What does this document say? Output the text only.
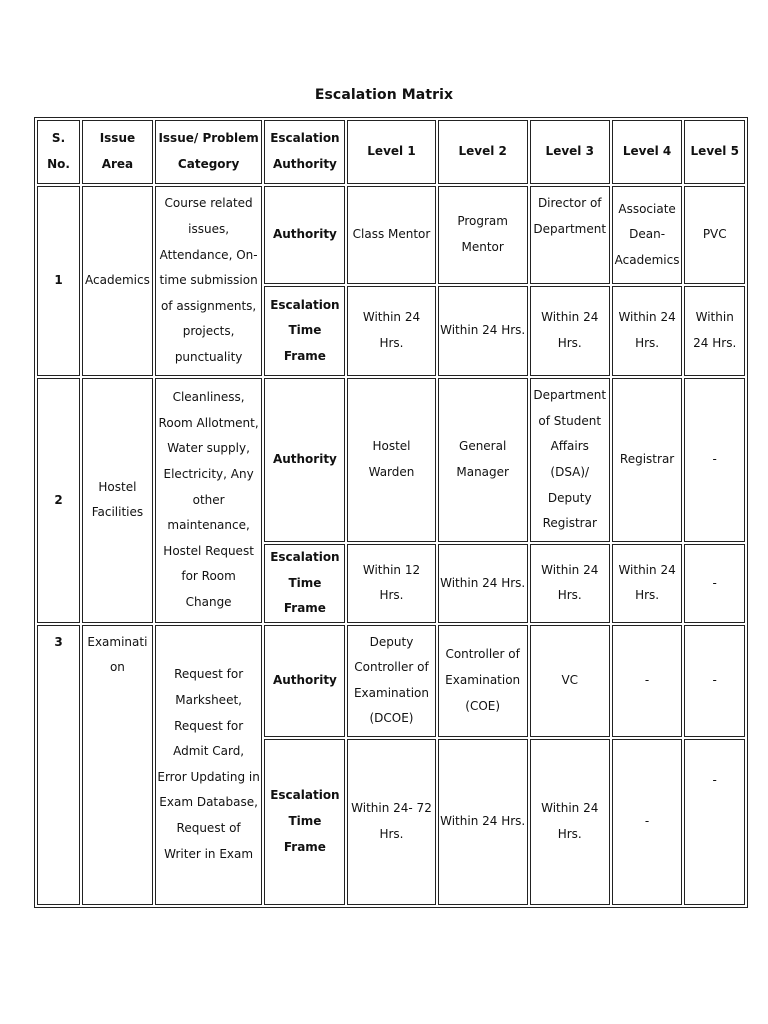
Escalation Matrix
S. No.	Issue Area	Issue/ Problem Category	Escalation Authority	Level 1	Level 2	Level 3	Level 4	Level 5
1	Academics	Course related issues, Attendance, On-time submission of assignments, projects, punctuality	Authority	Class Mentor	Program Mentor	Director of Department	Associate Dean-Academics	PVC
			Escalation Time Frame	Within 24 Hrs.	Within 24 Hrs.	Within 24 Hrs.	Within 24 Hrs.	Within 24 Hrs.
2	Hostel Facilities	Cleanliness, Room Allotment, Water supply, Electricity, Any other maintenance, Hostel Request for Room Change	Authority	Hostel Warden	General Manager	Department of Student Affairs (DSA)/ Deputy Registrar	Registrar	-
			Escalation Time Frame	Within 12 Hrs.	Within 24 Hrs.	Within 24 Hrs.	Within 24 Hrs.	-
3	Examination	Request for Marksheet, Request for Admit Card, Error Updating in Exam Database, Request of Writer in Exam	Authority	Deputy Controller of Examination (DCOE)	Controller of Examination (COE)	VC	-	-
			Escalation Time Frame	Within 24- 72 Hrs.	Within 24 Hrs.	Within 24 Hrs.	-	-
